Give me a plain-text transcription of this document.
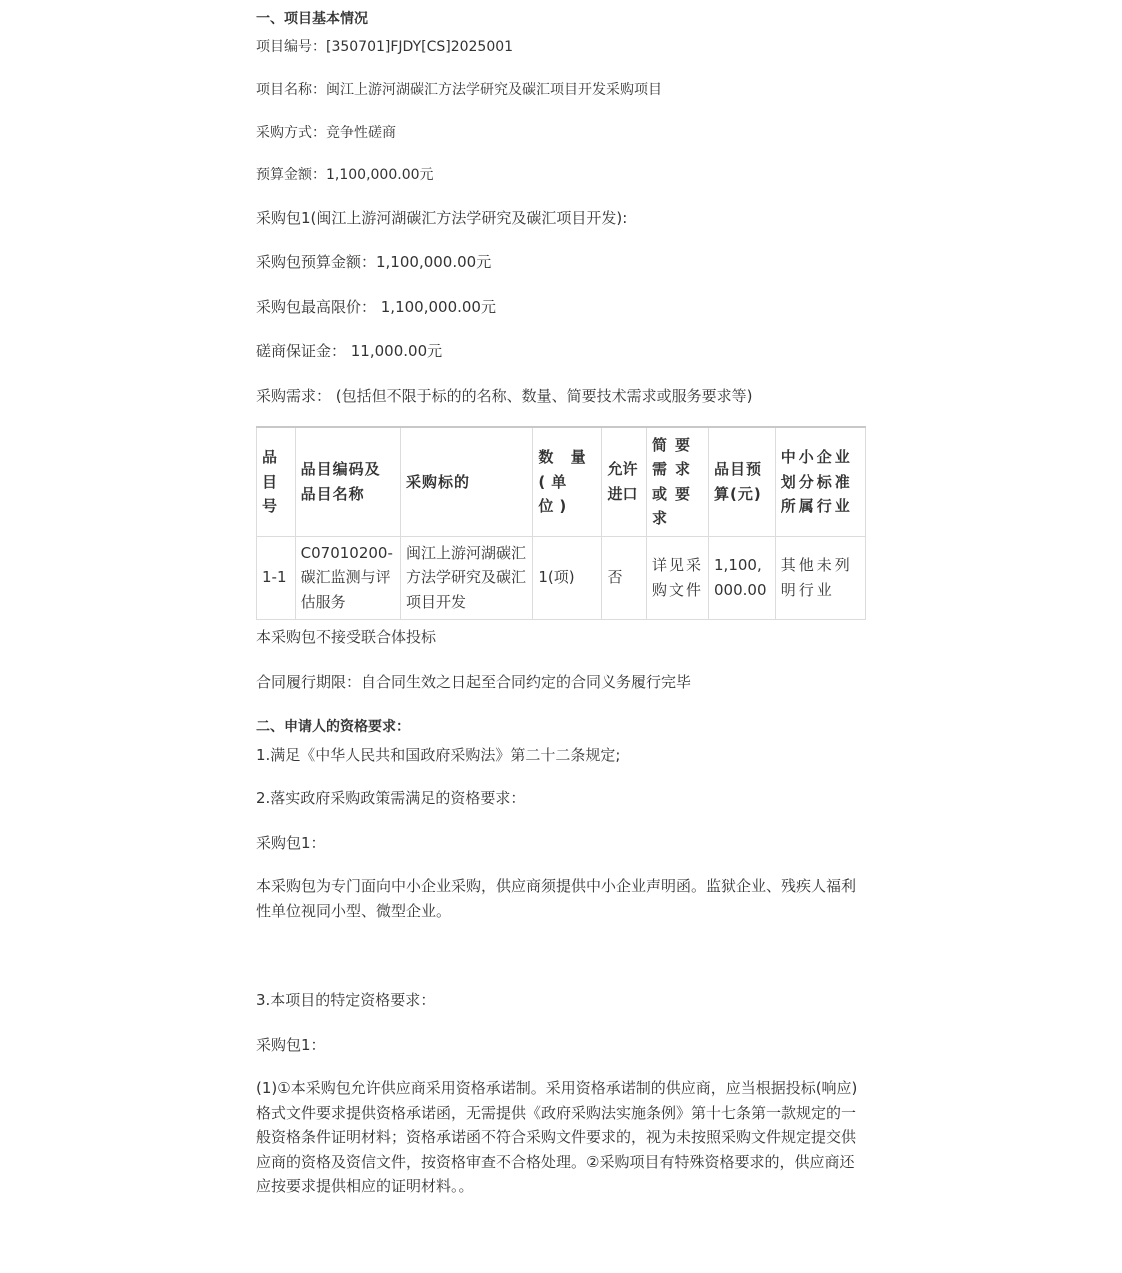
一、项目基本情况
项目编号：[350701]FJDY[CS]2025001
项目名称：闽江上游河湖碳汇方法学研究及碳汇项目开发采购项目
采购方式：竞争性磋商
预算金额：1,100,000.00元
采购包1(闽江上游河湖碳汇方法学研究及碳汇项目开发):
采购包预算金额：1,100,000.00元
采购包最高限价： 1,100,000.00元
磋商保证金： 11,000.00元
采购需求： (包括但不限于标的的名称、数量、简要技术需求或服务要求等)
品目号	品目编码及品目名称	采购标的	数 量 (单位)	允许进口	简要需求或要求	品目预算(元)	中小企业划分标准所属行业
1-1	C07010200-碳汇监测与评估服务	闽江上游河湖碳汇方法学研究及碳汇项目开发	1(项)	否	详见采购文件	1,100,000.00	其他未列明行业
本采购包不接受联合体投标
合同履行期限：自合同生效之日起至合同约定的合同义务履行完毕
二、申请人的资格要求：
1.满足《中华人民共和国政府采购法》第二十二条规定;
2.落实政府采购政策需满足的资格要求：
采购包1：
本采购包为专门面向中小企业采购，供应商须提供中小企业声明函。监狱企业、残疾人福利性单位视同小型、微型企业。
3.本项目的特定资格要求：
采购包1：
(1)①本采购包允许供应商采用资格承诺制。采用资格承诺制的供应商，应当根据投标(响应)格式文件要求提供资格承诺函，无需提供《政府采购法实施条例》第十七条第一款规定的一般资格条件证明材料；资格承诺函不符合采购文件要求的，视为未按照采购文件规定提交供应商的资格及资信文件，按资格审查不合格处理。②采购项目有特殊资格要求的，供应商还应按要求提供相应的证明材料。。
